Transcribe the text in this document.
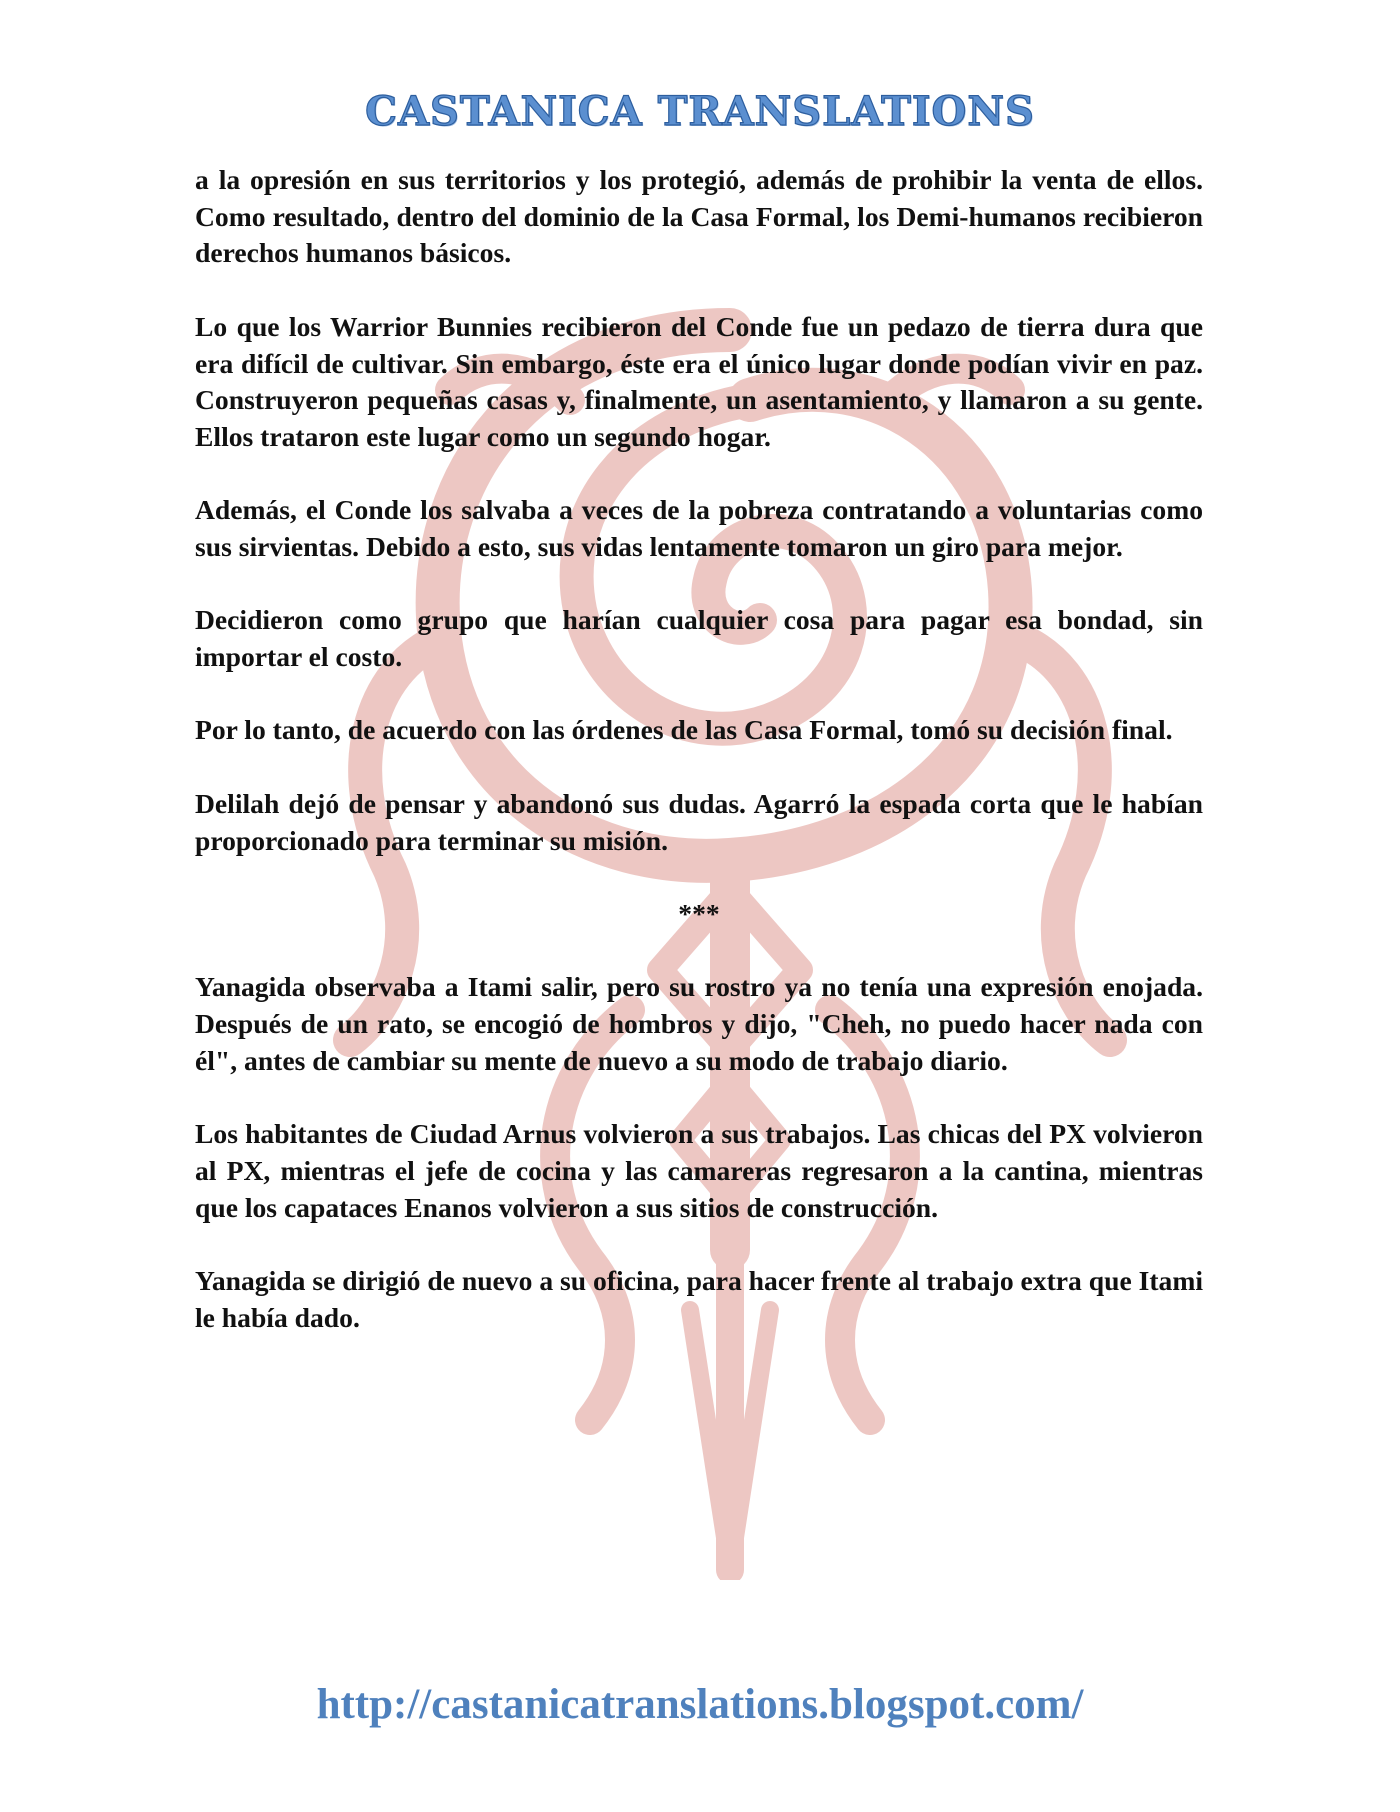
CASTANICA TRANSLATIONS

a la opresión en sus territorios y los protegió, además de prohibir la venta de ellos. Como resultado, dentro del dominio de la Casa Formal, los Demi-humanos recibieron derechos humanos básicos.

Lo que los Warrior Bunnies recibieron del Conde fue un pedazo de tierra dura que era difícil de cultivar. Sin embargo, éste era el único lugar donde podían vivir en paz. Construyeron pequeñas casas y, finalmente, un asentamiento, y llamaron a su gente. Ellos trataron este lugar como un segundo hogar.

Además, el Conde los salvaba a veces de la pobreza contratando a voluntarias como sus sirvientas. Debido a esto, sus vidas lentamente tomaron un giro para mejor.

Decidieron como grupo que harían cualquier cosa para pagar esa bondad, sin importar el costo.

Por lo tanto, de acuerdo con las órdenes de las Casa Formal, tomó su decisión final.

Delilah dejó de pensar y abandonó sus dudas. Agarró la espada corta que le habían proporcionado para terminar su misión.

***

Yanagida observaba a Itami salir, pero su rostro ya no tenía una expresión enojada. Después de un rato, se encogió de hombros y dijo, "Cheh, no puedo hacer nada con él", antes de cambiar su mente de nuevo a su modo de trabajo diario.

Los habitantes de Ciudad Arnus volvieron a sus trabajos. Las chicas del PX volvieron al PX, mientras el jefe de cocina y las camareras regresaron a la cantina, mientras que los capataces Enanos volvieron a sus sitios de construcción.

Yanagida se dirigió de nuevo a su oficina, para hacer frente al trabajo extra que Itami le había dado.

http://castanicatranslations.blogspot.com/
